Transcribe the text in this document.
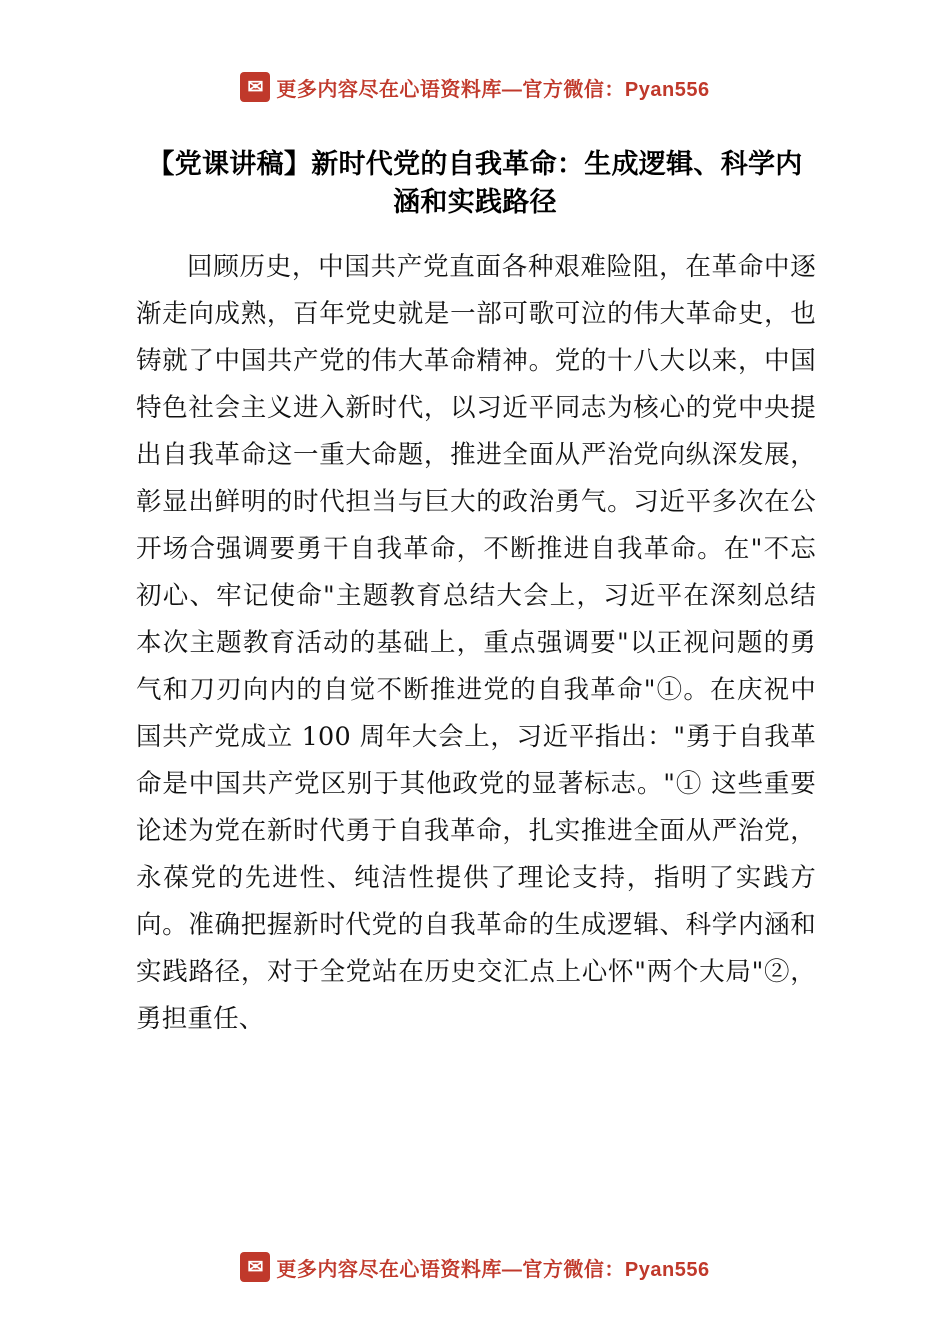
✉ 更多内容尽在心语资料库—官方微信：Pyan556
【党课讲稿】新时代党的自我革命：生成逻辑、科学内涵和实践路径

回顾历史，中国共产党直面各种艰难险阻，在革命中逐渐走向成熟，百年党史就是一部可歌可泣的伟大革命史，也铸就了中国共产党的伟大革命精神。党的十八大以来，中国特色社会主义进入新时代，以习近平同志为核心的党中央提出自我革命这一重大命题，推进全面从严治党向纵深发展，彰显出鲜明的时代担当与巨大的政治勇气。习近平多次在公开场合强调要勇干自我革命，不断推进自我革命。在"不忘初心、牢记使命"主题教育总结大会上，习近平在深刻总结本次主题教育活动的基础上，重点强调要"以正视问题的勇气和刀刃向内的自觉不断推进党的自我革命"①。在庆祝中国共产党成立 100 周年大会上，习近平指出："勇于自我革命是中国共产党区别于其他政党的显著标志。"① 这些重要论述为党在新时代勇于自我革命，扎实推进全面从严治党，永葆党的先进性、纯洁性提供了理论支持，指明了实践方向。准确把握新时代党的自我革命的生成逻辑、科学内涵和实践路径，对于全党站在历史交汇点上心怀"两个大局"②，勇担重任、

✉ 更多内容尽在心语资料库—官方微信：Pyan556
